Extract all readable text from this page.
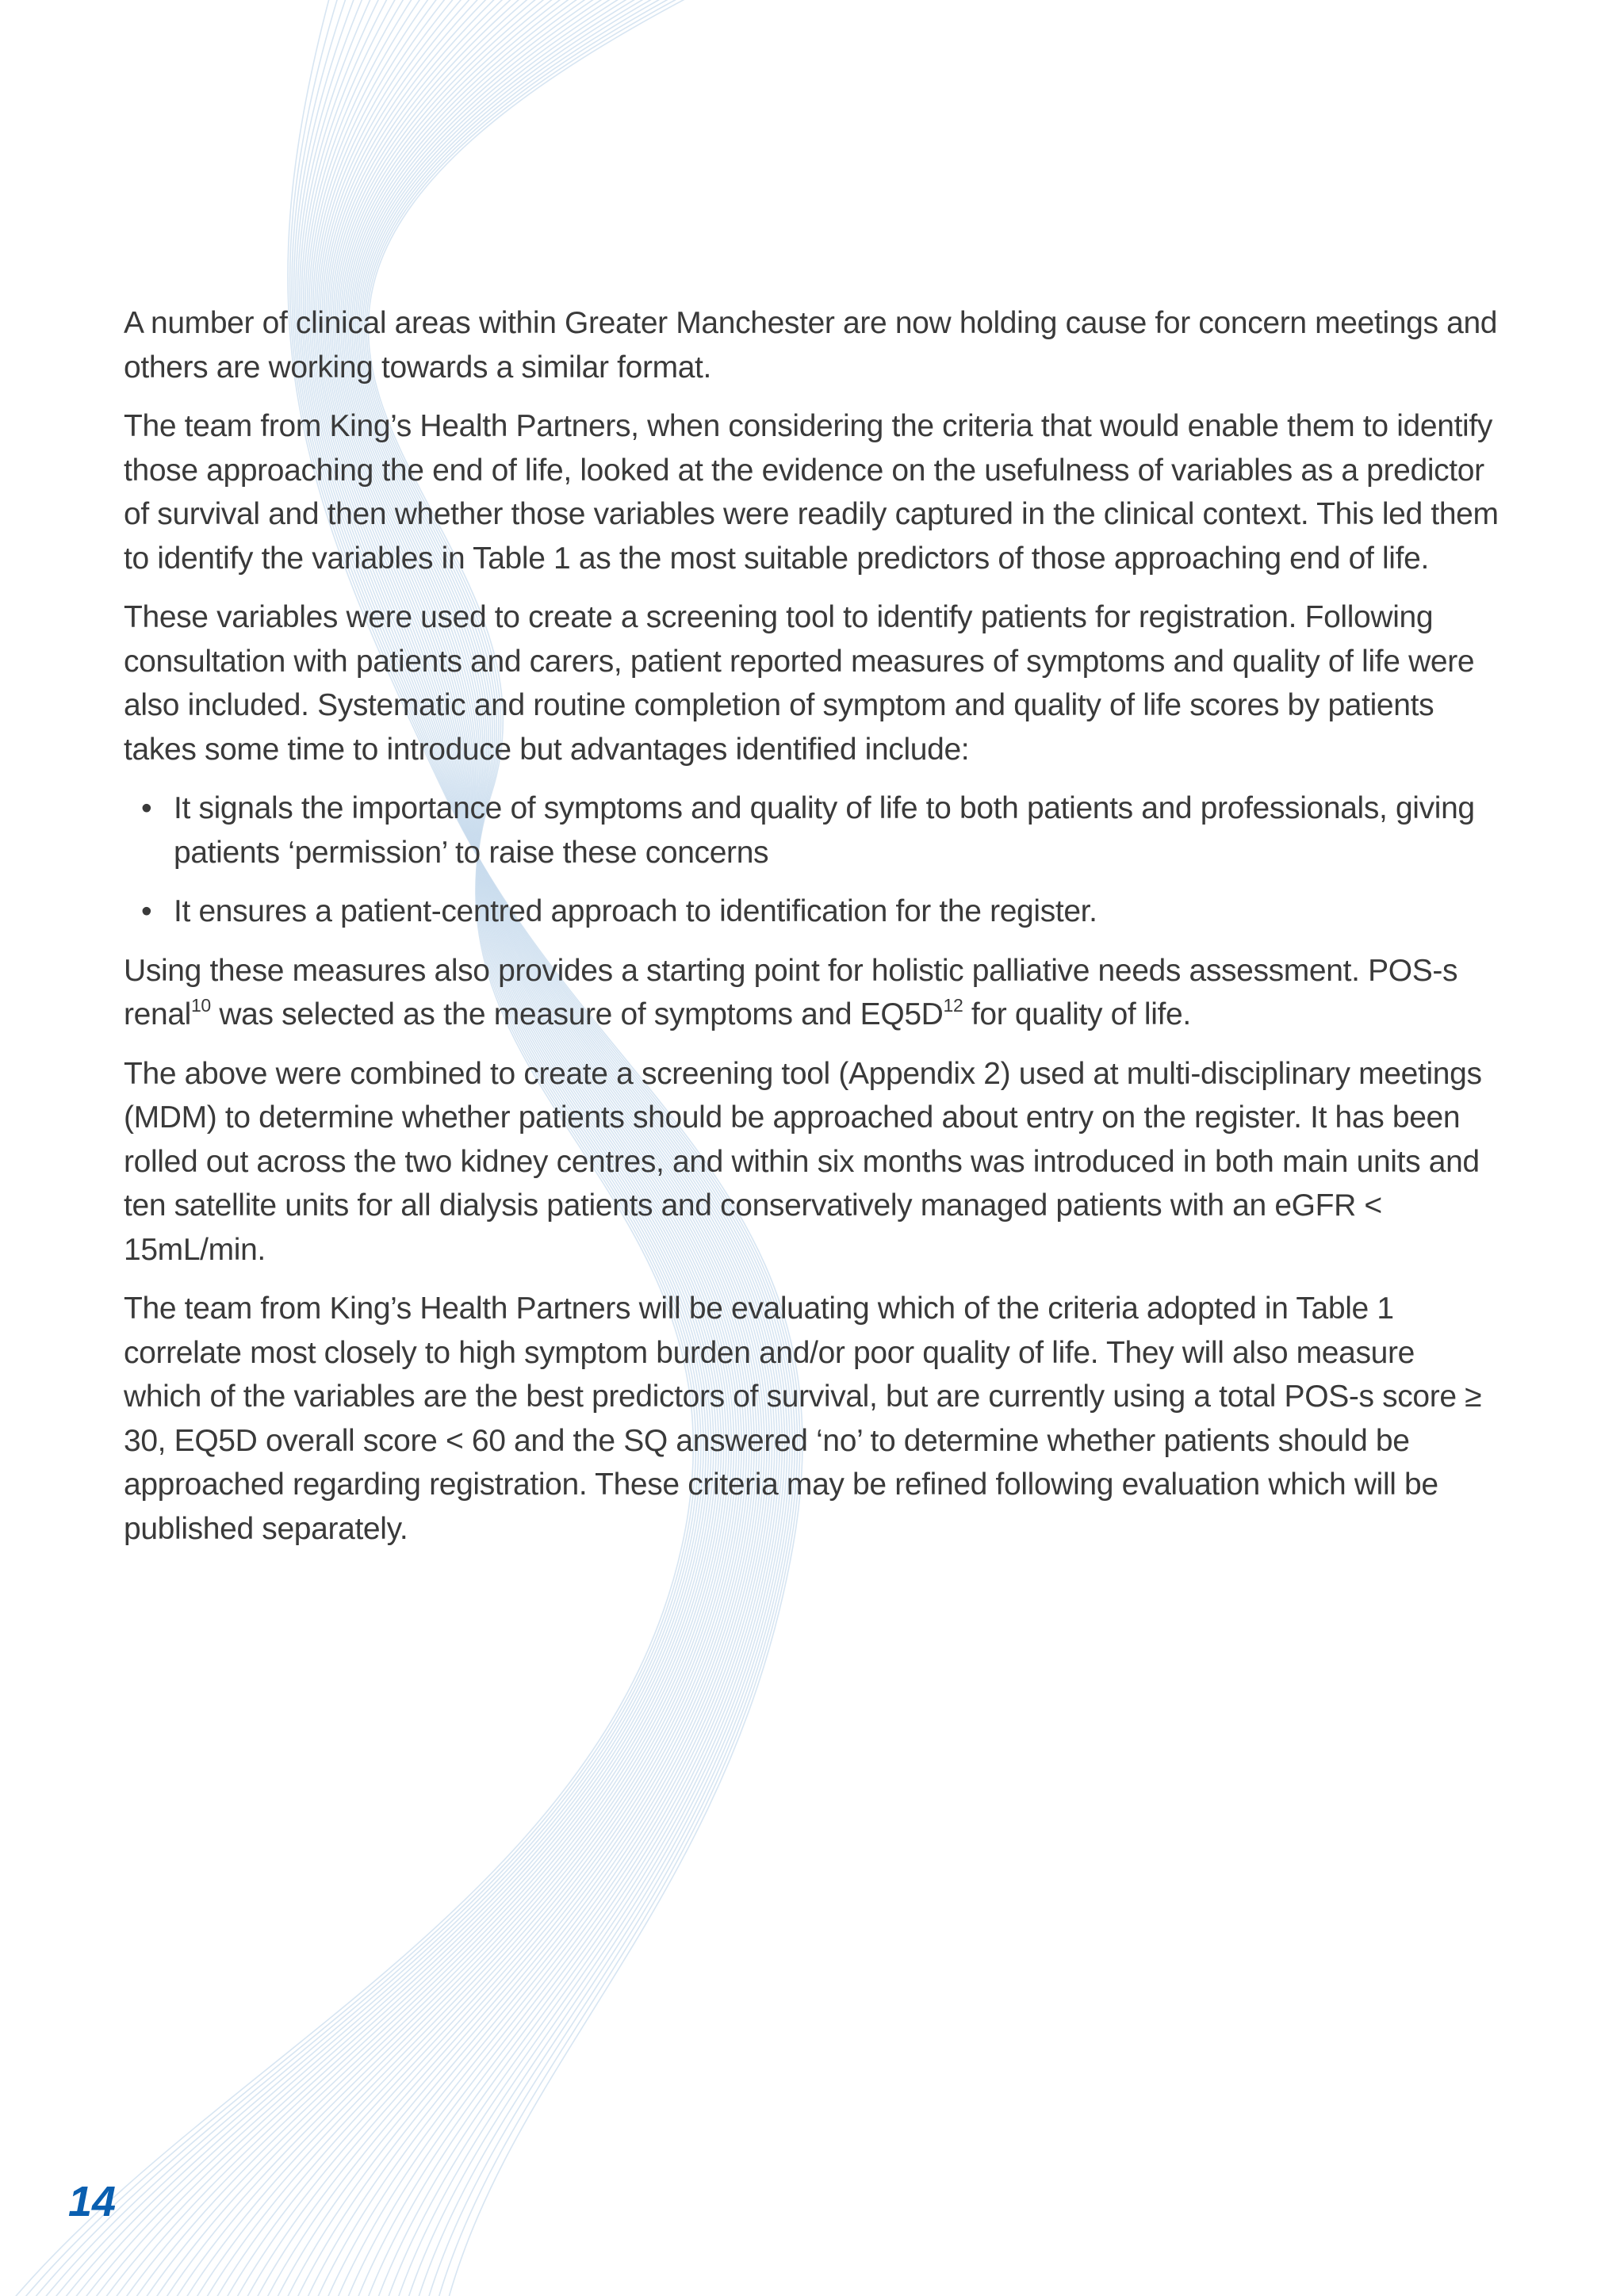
A number of clinical areas within Greater Manchester are now holding cause for concern meetings and others are working towards a similar format.

The team from King’s Health Partners, when considering the criteria that would enable them to identify those approaching the end of life, looked at the evidence on the usefulness of variables as a predictor of survival and then whether those variables were readily captured in the clinical context. This led them to identify the variables in Table 1 as the most suitable predictors of those approaching end of life.

These variables were used to create a screening tool to identify patients for registration. Following consultation with patients and carers, patient reported measures of symptoms and quality of life were also included. Systematic and routine completion of symptom and quality of life scores by patients takes some time to introduce but advantages identified include:

• It signals the importance of symptoms and quality of life to both patients and professionals, giving patients ‘permission’ to raise these concerns
• It ensures a patient-centred approach to identification for the register.

Using these measures also provides a starting point for holistic palliative needs assessment. POS-s renal$^{10}$ was selected as the measure of symptoms and $EQ5D^{12}$ for quality of life.

The above were combined to create a screening tool (Appendix 2) used at multi-disciplinary meetings (MDM) to determine whether patients should be approached about entry on the register. It has been rolled out across the two kidney centres, and within six months was introduced in both main units and ten satellite units for all dialysis patients and conservatively managed patients with an eGFR < 15mL/min.

The team from King’s Health Partners will be evaluating which of the criteria adopted in Table 1 correlate most closely to high symptom burden and/or poor quality of life. They will also measure which of the variables are the best predictors of survival, but are currently using a total POS-s score ≥ 30, EQ5D overall score < 60 and the SQ answered ‘no’ to determine whether patients should be approached regarding registration. These criteria may be refined following evaluation which will be published separately.

14
